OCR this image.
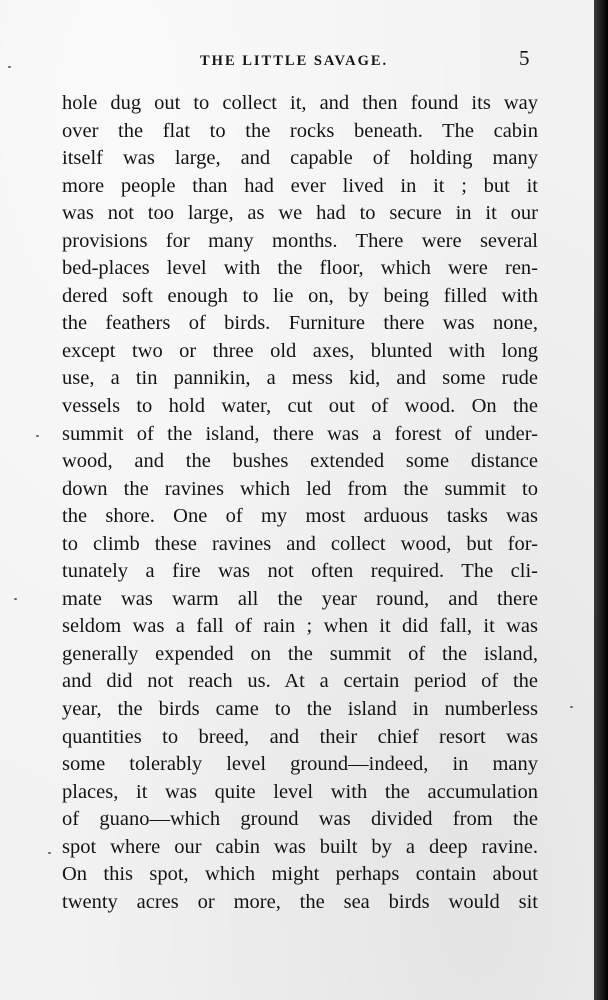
THE LITTLE SAVAGE.	5
hole dug out to collect it, and then found its way
over the flat to the rocks beneath. The cabin
itself was large, and capable of holding many
more people than had ever lived in it ; but it
was not too large, as we had to secure in it our
provisions for many months. There were several
bed-places level with the floor, which were ren-
dered soft enough to lie on, by being filled with
the feathers of birds. Furniture there was none,
except two or three old axes, blunted with long
use, a tin pannikin, a mess kid, and some rude
vessels to hold water, cut out of wood. On the
summit of the island, there was a forest of under-
wood, and the bushes extended some distance
down the ravines which led from the summit to
the shore. One of my most arduous tasks was
to climb these ravines and collect wood, but for-
tunately a fire was not often required. The cli-
mate was warm all the year round, and there
seldom was a fall of rain ; when it did fall, it was
generally expended on the summit of the island,
and did not reach us. At a certain period of the
year, the birds came to the island in numberless
quantities to breed, and their chief resort was
some tolerably level ground—indeed, in many
places, it was quite level with the accumulation
of guano—which ground was divided from the
spot where our cabin was built by a deep ravine.
On this spot, which might perhaps contain about
twenty acres or more, the sea birds would sit
